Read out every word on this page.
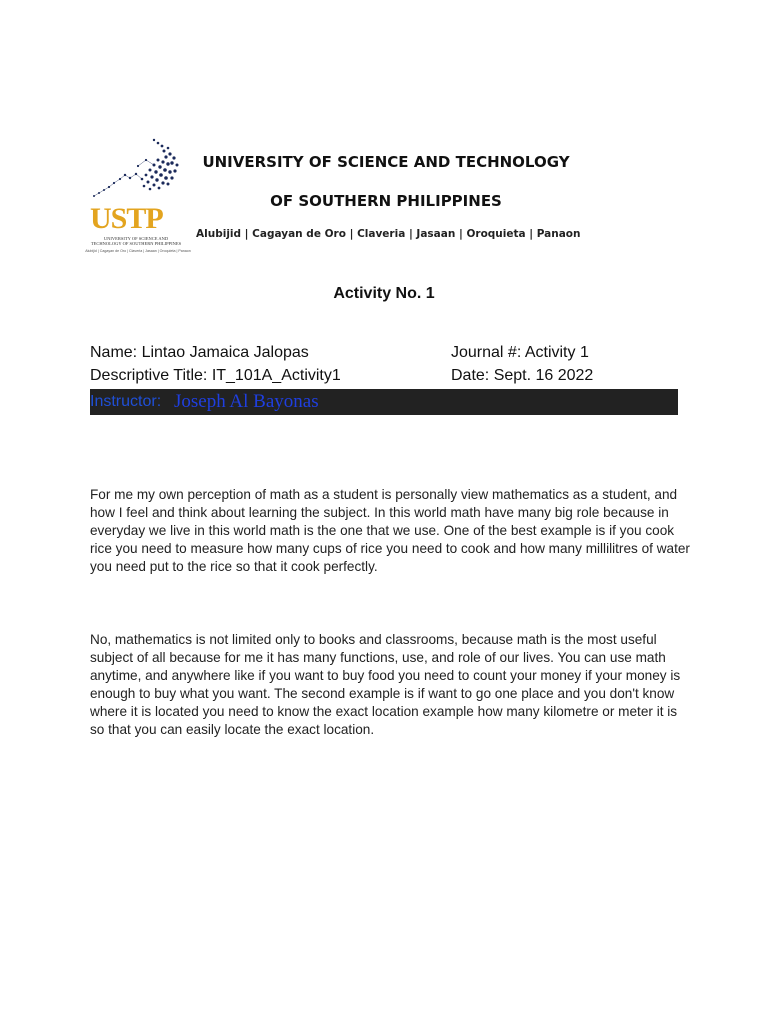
USTP
UNIVERSITY OF SCIENCE AND TECHNOLOGY OF SOUTHERN PHILIPPINES
Alubijid | Cagayan de Oro | Claveria | Jasaan | Oroquieta | Panaon
UNIVERSITY OF SCIENCE AND TECHNOLOGY
OF SOUTHERN PHILIPPINES
Alubijid | Cagayan de Oro | Claveria | Jasaan | Oroquieta | Panaon
Activity No. 1
Name: Lintao Jamaica Jalopas	Journal #: Activity 1
Descriptive Title: IT_101A_Activity1	Date: Sept. 16 2022
Instructor: Joseph Al Bayonas
For me my own perception of math as a student is personally view mathematics as a student, and how I feel and think about learning the subject. In this world math have many big role because in everyday we live in this world math is the one that we use. One of the best example is if you cook rice you need to measure how many cups of rice you need to cook and how many millilitres of water you need put to the rice so that it cook perfectly.
No, mathematics is not limited only to books and classrooms, because math is the most useful subject of all because for me it has many functions, use, and role of our lives. You can use math anytime, and anywhere like if you want to buy food you need to count your money if your money is enough to buy what you want. The second example is if want to go one place and you don't know where it is located you need to know the exact location example how many kilometre or meter it is so that you can easily locate the exact location.
